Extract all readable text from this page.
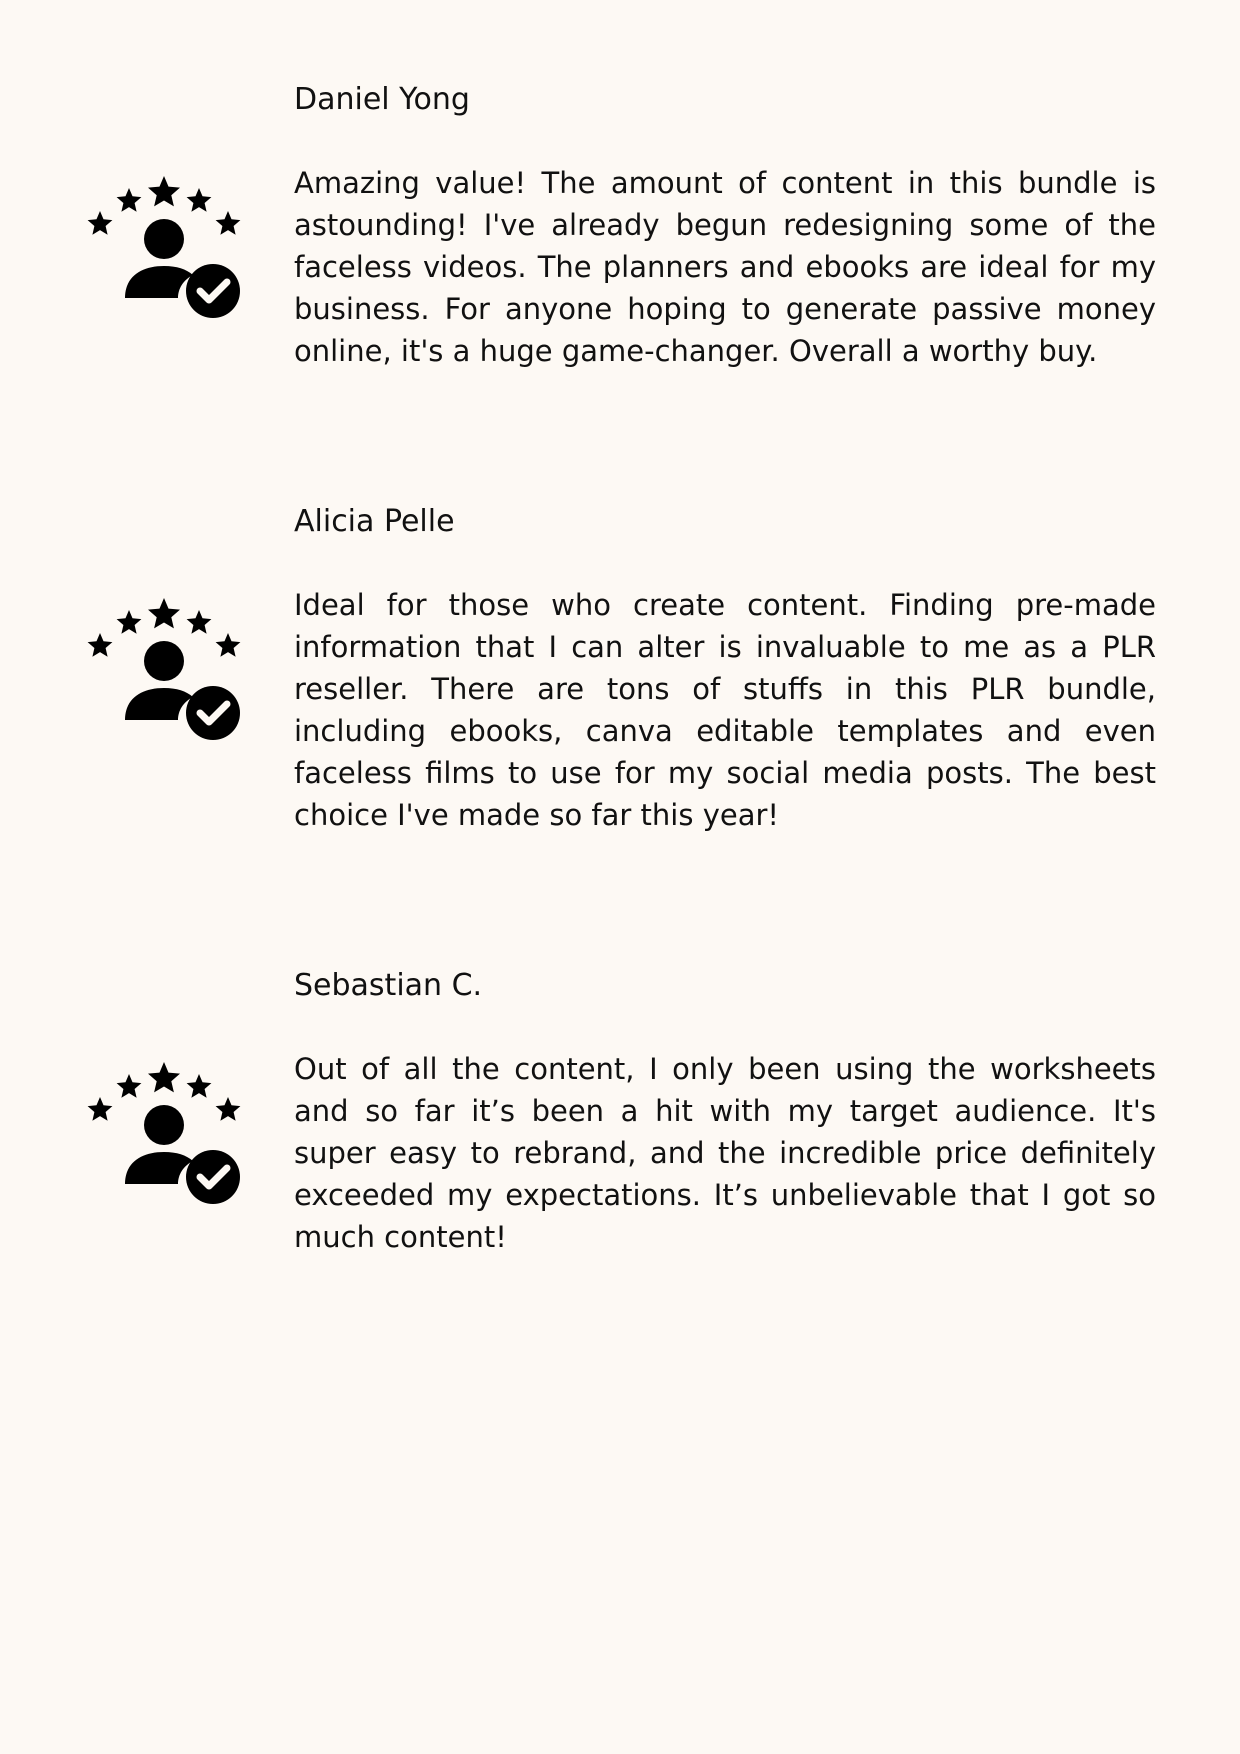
Daniel Yong

Amazing value! The amount of content in this bundle is astounding! I've already begun redesigning some of the faceless videos. The planners and ebooks are ideal for my business. For anyone hoping to generate passive money online, it's a huge game-changer. Overall a worthy buy.

Alicia Pelle

Ideal for those who create content. Finding pre-made information that I can alter is invaluable to me as a PLR reseller. There are tons of stuffs in this PLR bundle, including ebooks, canva editable templates and even faceless films to use for my social media posts. The best choice I've made so far this year!

Sebastian C.

Out of all the content, I only been using the worksheets and so far it’s been a hit with my target audience. It's super easy to rebrand, and the incredible price definitely exceeded my expectations. It’s unbelievable that I got so much content!
